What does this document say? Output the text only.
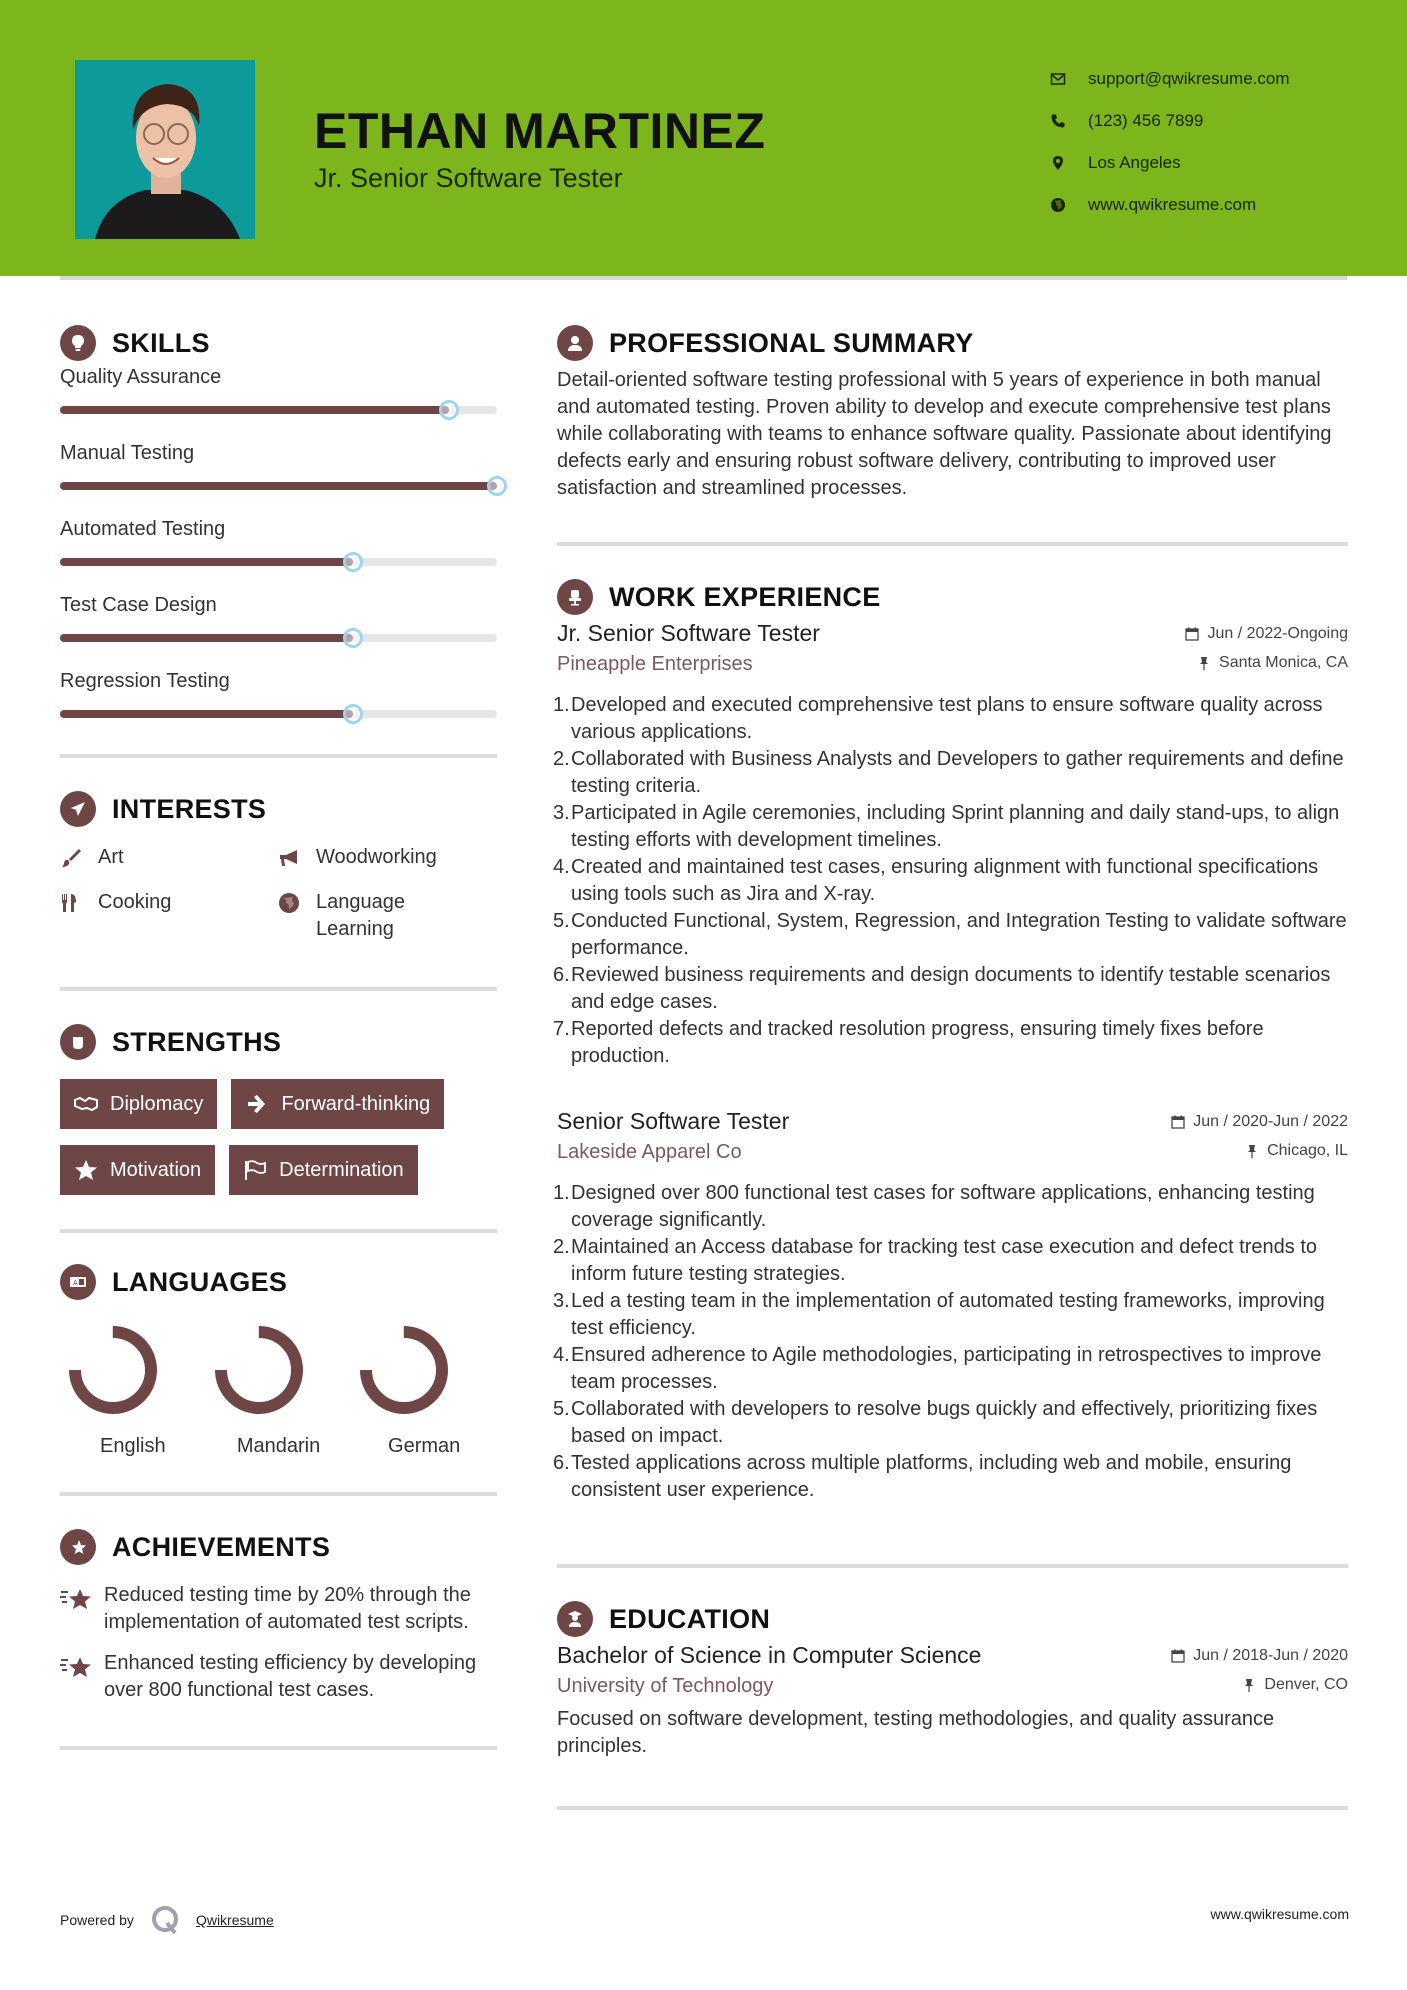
ETHAN MARTINEZ
Jr. Senior Software Tester
support@qwikresume.com
(123) 456 7899
Los Angeles
www.qwikresume.com
SKILLS
Quality Assurance
Manual Testing
Automated Testing
Test Case Design
Regression Testing
INTERESTS
Art	Woodworking
Cooking	Language Learning
STRENGTHS
Diplomacy	Forward-thinking
Motivation	Determination
A LANGUAGES
English	Mandarin	German
ACHIEVEMENTS
Reduced testing time by 20% through the implementation of automated test scripts.
Enhanced testing efficiency by developing over 800 functional test cases.
PROFESSIONAL SUMMARY

Detail-oriented software testing professional with 5 years of experience in both manual and automated testing. Proven ability to develop and execute comprehensive test plans while collaborating with teams to enhance software quality. Passionate about identifying defects early and ensuring robust software delivery, contributing to improved user satisfaction and streamlined processes.

WORK EXPERIENCE
Jr. Senior Software Tester	Jun / 2022-Ongoing
Pineapple Enterprises	Santa Monica, CA
1. Developed and executed comprehensive test plans to ensure software quality across various applications.
2. Collaborated with Business Analysts and Developers to gather requirements and define testing criteria.
3. Participated in Agile ceremonies, including Sprint planning and daily stand-ups, to align testing efforts with development timelines.
4. Created and maintained test cases, ensuring alignment with functional specifications using tools such as Jira and X-ray.
5. Conducted Functional, System, Regression, and Integration Testing to validate software performance.
6. Reviewed business requirements and design documents to identify testable scenarios and edge cases.
7. Reported defects and tracked resolution progress, ensuring timely fixes before production.
Senior Software Tester	Jun / 2020-Jun / 2022
Lakeside Apparel Co	Chicago, IL
1. Designed over 800 functional test cases for software applications, enhancing testing coverage significantly.
2. Maintained an Access database for tracking test case execution and defect trends to inform future testing strategies.
3. Led a testing team in the implementation of automated testing frameworks, improving test efficiency.
4. Ensured adherence to Agile methodologies, participating in retrospectives to improve team processes.
5. Collaborated with developers to resolve bugs quickly and effectively, prioritizing fixes based on impact.
6. Tested applications across multiple platforms, including web and mobile, ensuring consistent user experience.
EDUCATION
Bachelor of Science in Computer Science	Jun / 2018-Jun / 2020
University of Technology	Denver, CO

Focused on software development, testing methodologies, and quality assurance principles.

Powered by	Qwikresume	www.qwikresume.com
